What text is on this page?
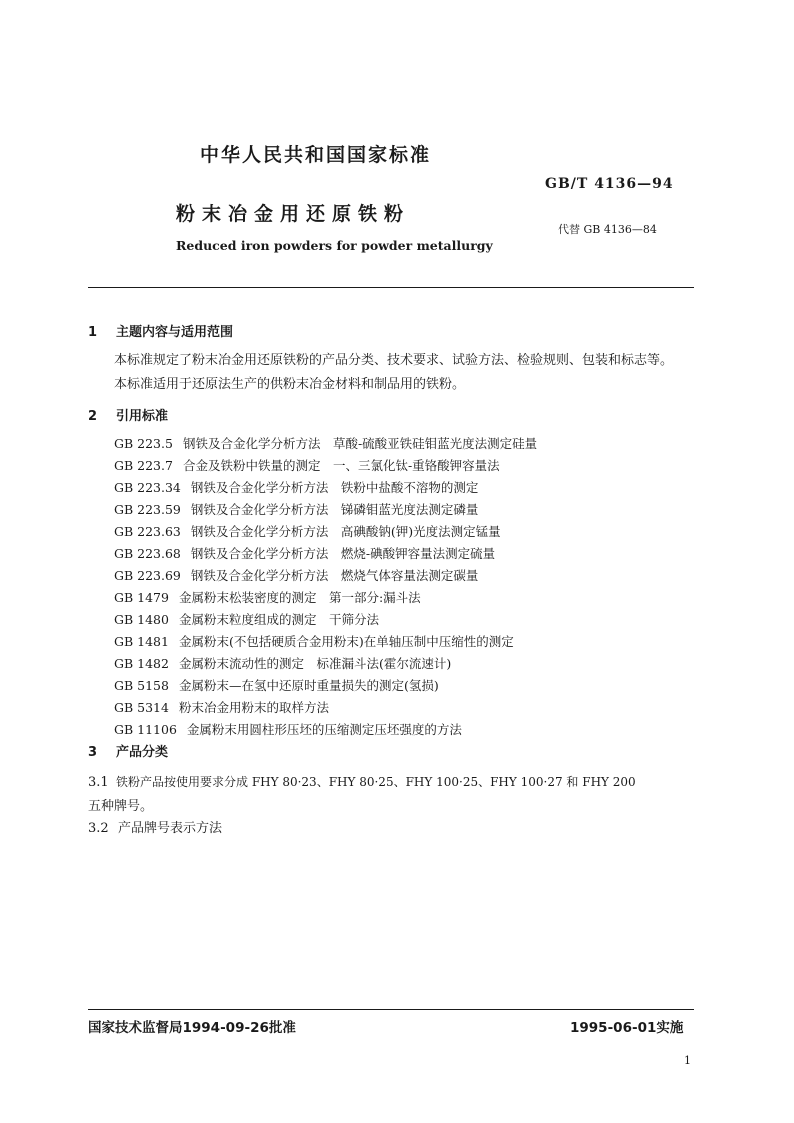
中华人民共和国国家标准
GB/T 4136—94
粉末冶金用还原铁粉
代替 GB 4136—84
Reduced iron powders for powder metallurgy
1 主题内容与适用范围
本标准规定了粉末冶金用还原铁粉的产品分类、技术要求、试验方法、检验规则、包装和标志等。
本标准适用于还原法生产的供粉末冶金材料和制品用的铁粉。
2 引用标准
GB 223.5 钢铁及合金化学分析方法　草酸-硫酸亚铁硅钼蓝光度法测定硅量
GB 223.7 合金及铁粉中铁量的测定　一、三氯化钛-重铬酸钾容量法
GB 223.34 钢铁及合金化学分析方法　铁粉中盐酸不溶物的测定
GB 223.59 钢铁及合金化学分析方法　锑磷钼蓝光度法测定磷量
GB 223.63 钢铁及合金化学分析方法　高碘酸钠(钾)光度法测定锰量
GB 223.68 钢铁及合金化学分析方法　燃烧-碘酸钾容量法测定硫量
GB 223.69 钢铁及合金化学分析方法　燃烧气体容量法测定碳量
GB 1479 金属粉末松装密度的测定　第一部分:漏斗法
GB 1480 金属粉末粒度组成的测定　干筛分法
GB 1481 金属粉末(不包括硬质合金用粉末)在单轴压制中压缩性的测定
GB 1482 金属粉末流动性的测定　标准漏斗法(霍尔流速计)
GB 5158 金属粉末—在氢中还原时重量损失的测定(氢损)
GB 5314 粉末冶金用粉末的取样方法
GB 11106 金属粉末用圆柱形压坯的压缩测定压坯强度的方法
3 产品分类
3.1 铁粉产品按使用要求分成 FHY 80·23、FHY 80·25、FHY 100·25、FHY 100·27 和 FHY 200
五种牌号。
3.2 产品牌号表示方法
国家技术监督局1994-09-26批准	1995-06-01实施
1
